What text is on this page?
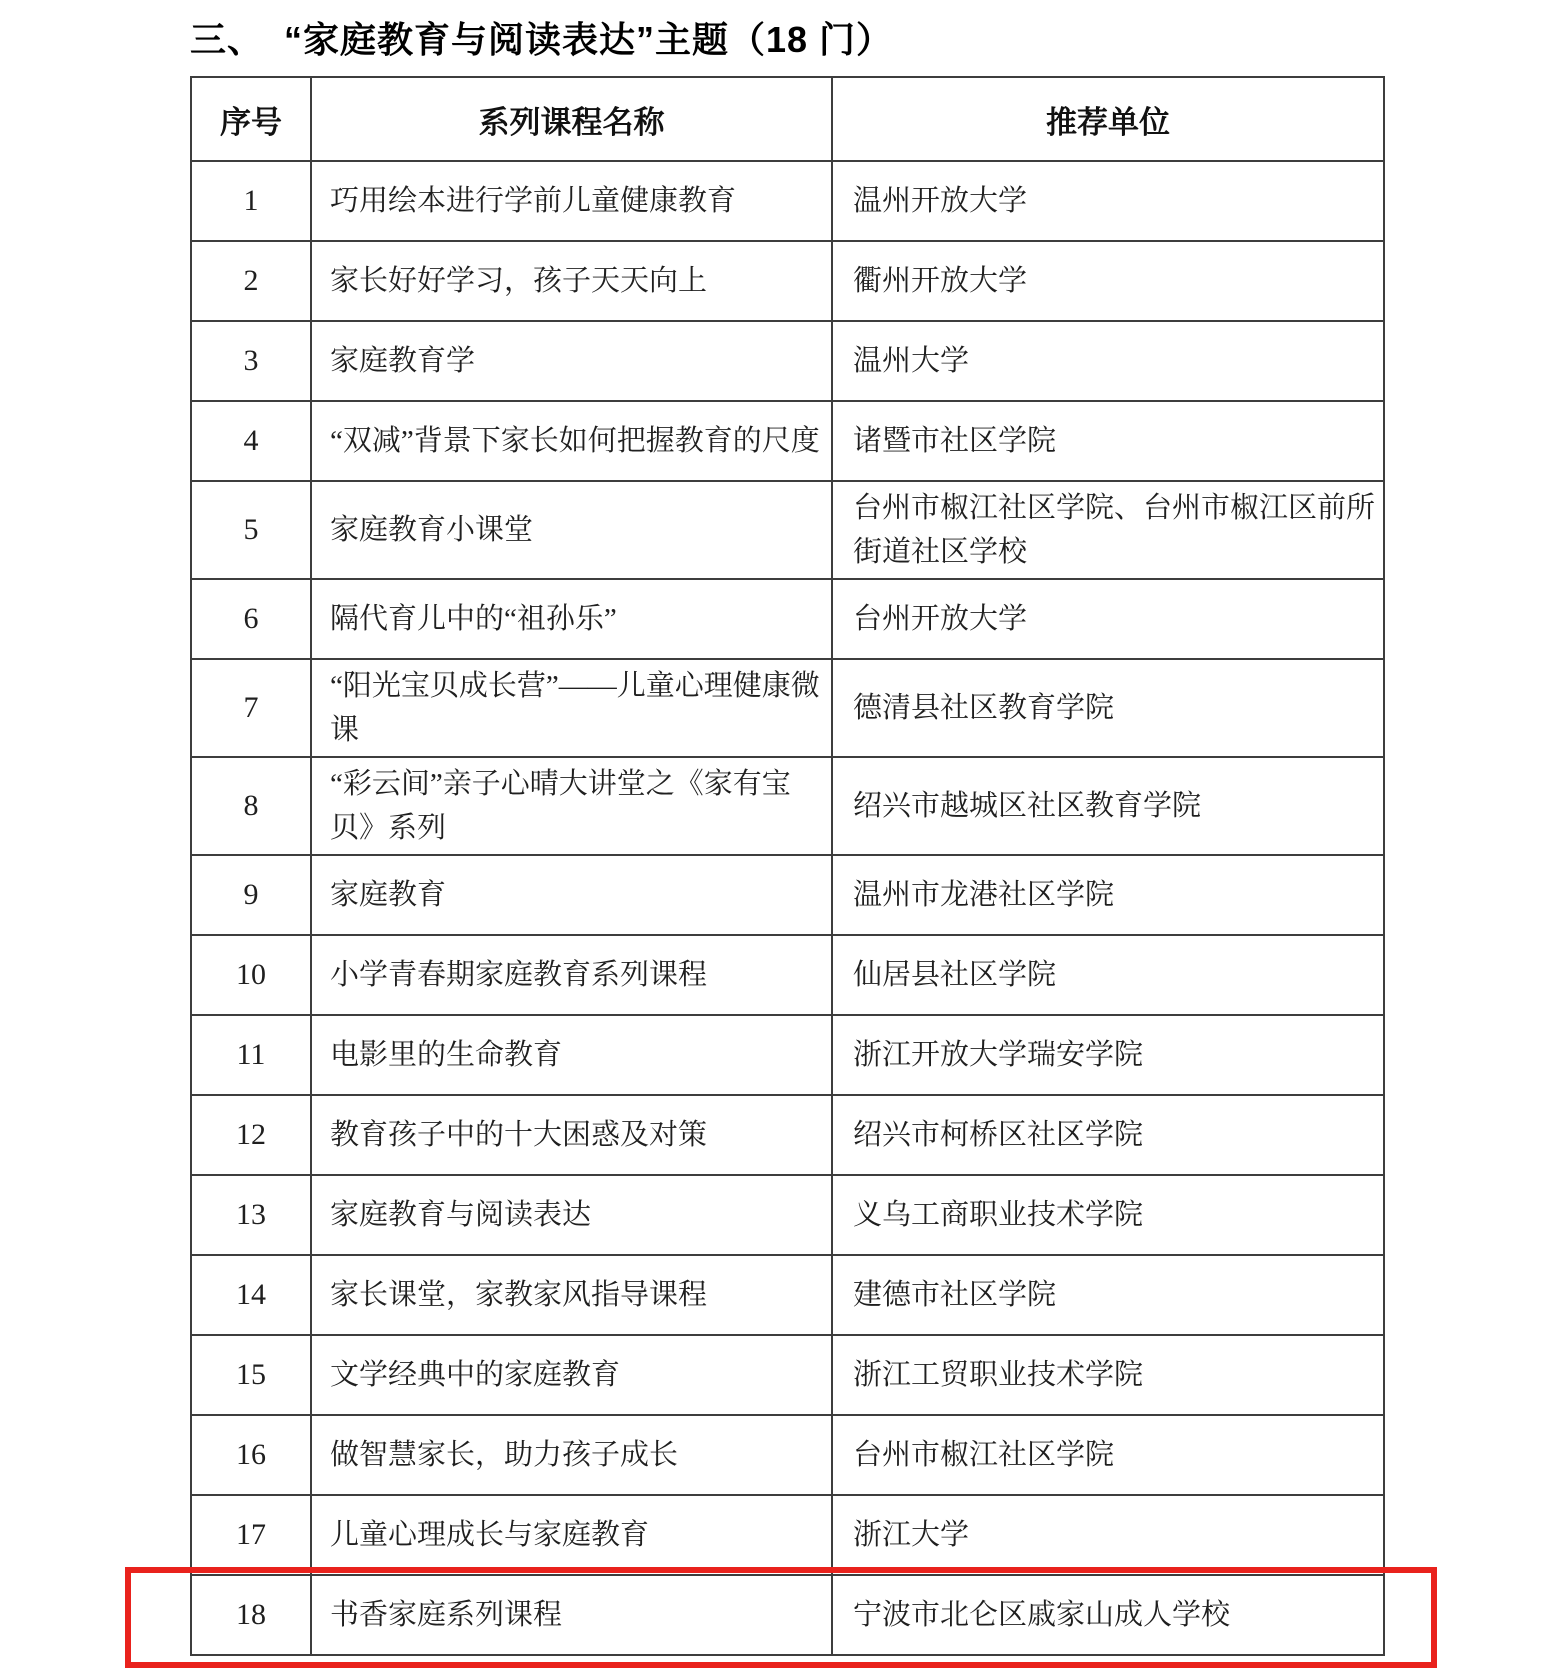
三、 “家庭教育与阅读表达”主题（18 门）
序号	系列课程名称	推荐单位
1	巧用绘本进行学前儿童健康教育	温州开放大学
2	家长好好学习，孩子天天向上	衢州开放大学
3	家庭教育学	温州大学
4	“双减”背景下家长如何把握教育的尺度	诸暨市社区学院
5	家庭教育小课堂	台州市椒江社区学院、台州市椒江区前所街道社区学校
6	隔代育儿中的“祖孙乐”	台州开放大学
7	“阳光宝贝成长营”——儿童心理健康微课	德清县社区教育学院
8	“彩云间”亲子心晴大讲堂之《家有宝贝》系列	绍兴市越城区社区教育学院
9	家庭教育	温州市龙港社区学院
10	小学青春期家庭教育系列课程	仙居县社区学院
11	电影里的生命教育	浙江开放大学瑞安学院
12	教育孩子中的十大困惑及对策	绍兴市柯桥区社区学院
13	家庭教育与阅读表达	义乌工商职业技术学院
14	家长课堂，家教家风指导课程	建德市社区学院
15	文学经典中的家庭教育	浙江工贸职业技术学院
16	做智慧家长，助力孩子成长	台州市椒江社区学院
17	儿童心理成长与家庭教育	浙江大学
18	书香家庭系列课程	宁波市北仑区戚家山成人学校
